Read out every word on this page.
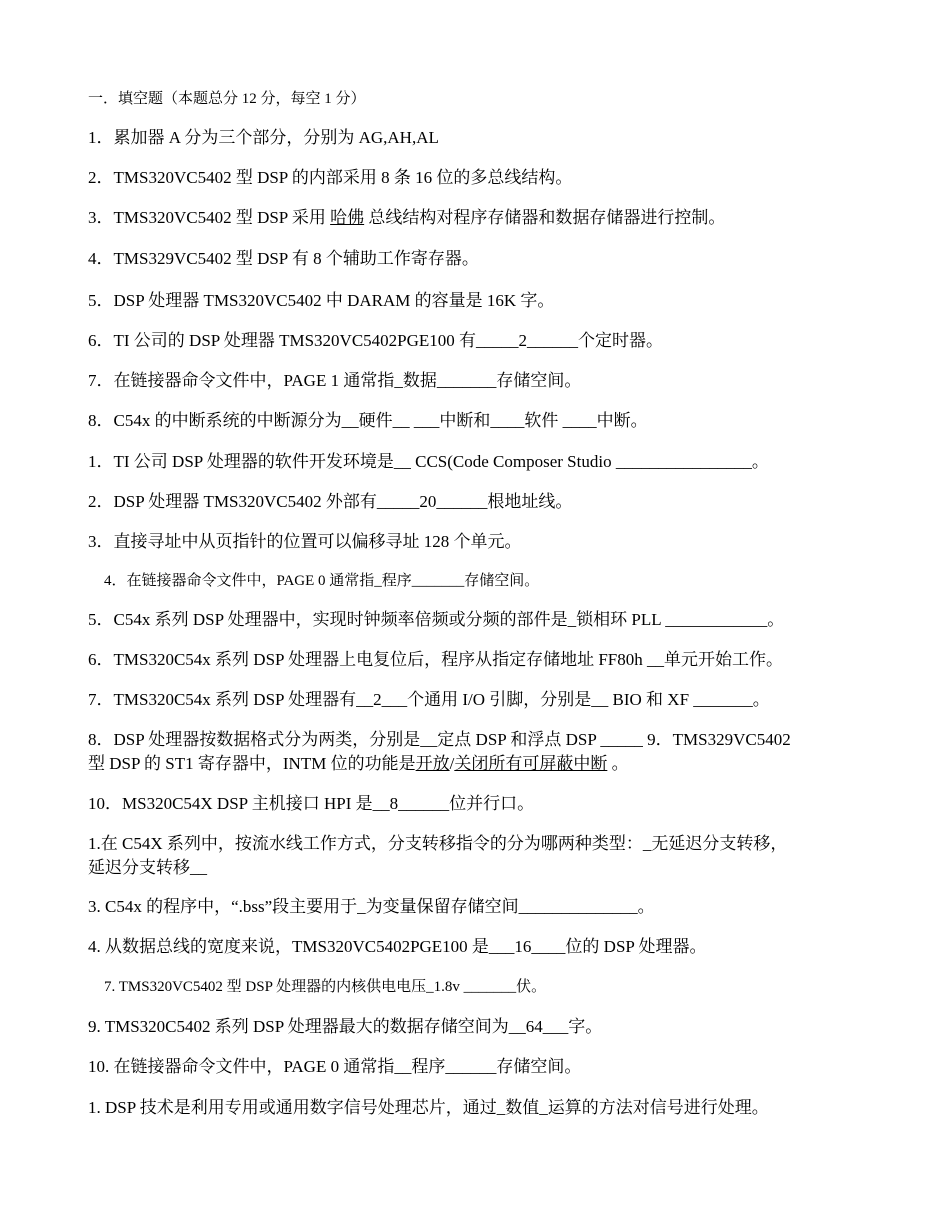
一．填空题（本题总分 12 分，每空 1 分）
1．累加器 A 分为三个部分，分别为 AG,AH,AL
2．TMS320VC5402 型 DSP 的内部采用 8 条 16 位的多总线结构。
3．TMS320VC5402 型 DSP 采用 哈佛 总线结构对程序存储器和数据存储器进行控制。
4．TMS329VC5402 型 DSP 有 8 个辅助工作寄存器。
5．DSP 处理器 TMS320VC5402 中 DARAM 的容量是 16K 字。
6．TI 公司的 DSP 处理器 TMS320VC5402PGE100 有_____2______个定时器。
7．在链接器命令文件中，PAGE 1 通常指_数据_______存储空间。
8．C54x 的中断系统的中断源分为__硬件__ ___中断和____软件 ____中断。
1．TI 公司 DSP 处理器的软件开发环境是__ CCS(Code Composer Studio ________________。
2．DSP 处理器 TMS320VC5402 外部有_____20______根地址线。
3．直接寻址中从页指针的位置可以偏移寻址 128 个单元。
4．在链接器命令文件中，PAGE 0 通常指_程序_______存储空间。
5．C54x 系列 DSP 处理器中，实现时钟频率倍频或分频的部件是_锁相环 PLL ____________。
6．TMS320C54x 系列 DSP 处理器上电复位后，程序从指定存储地址 FF80h __单元开始工作。
7．TMS320C54x 系列 DSP 处理器有__2___个通用 I/O 引脚，分别是__ BIO 和 XF _______。
8．DSP 处理器按数据格式分为两类，分别是__定点 DSP 和浮点 DSP _____ 9．TMS329VC5402
型 DSP 的 ST1 寄存器中，INTM 位的功能是开放/关闭所有可屏蔽中断 。
10．MS320C54X DSP 主机接口 HPI 是__8______位并行口。
1.在 C54X 系列中，按流水线工作方式，分支转移指令的分为哪两种类型：_无延迟分支转移，
延迟分支转移__
3. C54x 的程序中，“.bss”段主要用于_为变量保留存储空间______________。
4. 从数据总线的宽度来说，TMS320VC5402PGE100 是___16____位的 DSP 处理器。
7. TMS320VC5402 型 DSP 处理器的内核供电电压_1.8v _______伏。
9. TMS320C5402 系列 DSP 处理器最大的数据存储空间为__64___字。
10. 在链接器命令文件中，PAGE 0 通常指__程序______存储空间。
1. DSP 技术是利用专用或通用数字信号处理芯片，通过_数值_运算的方法对信号进行处理。
